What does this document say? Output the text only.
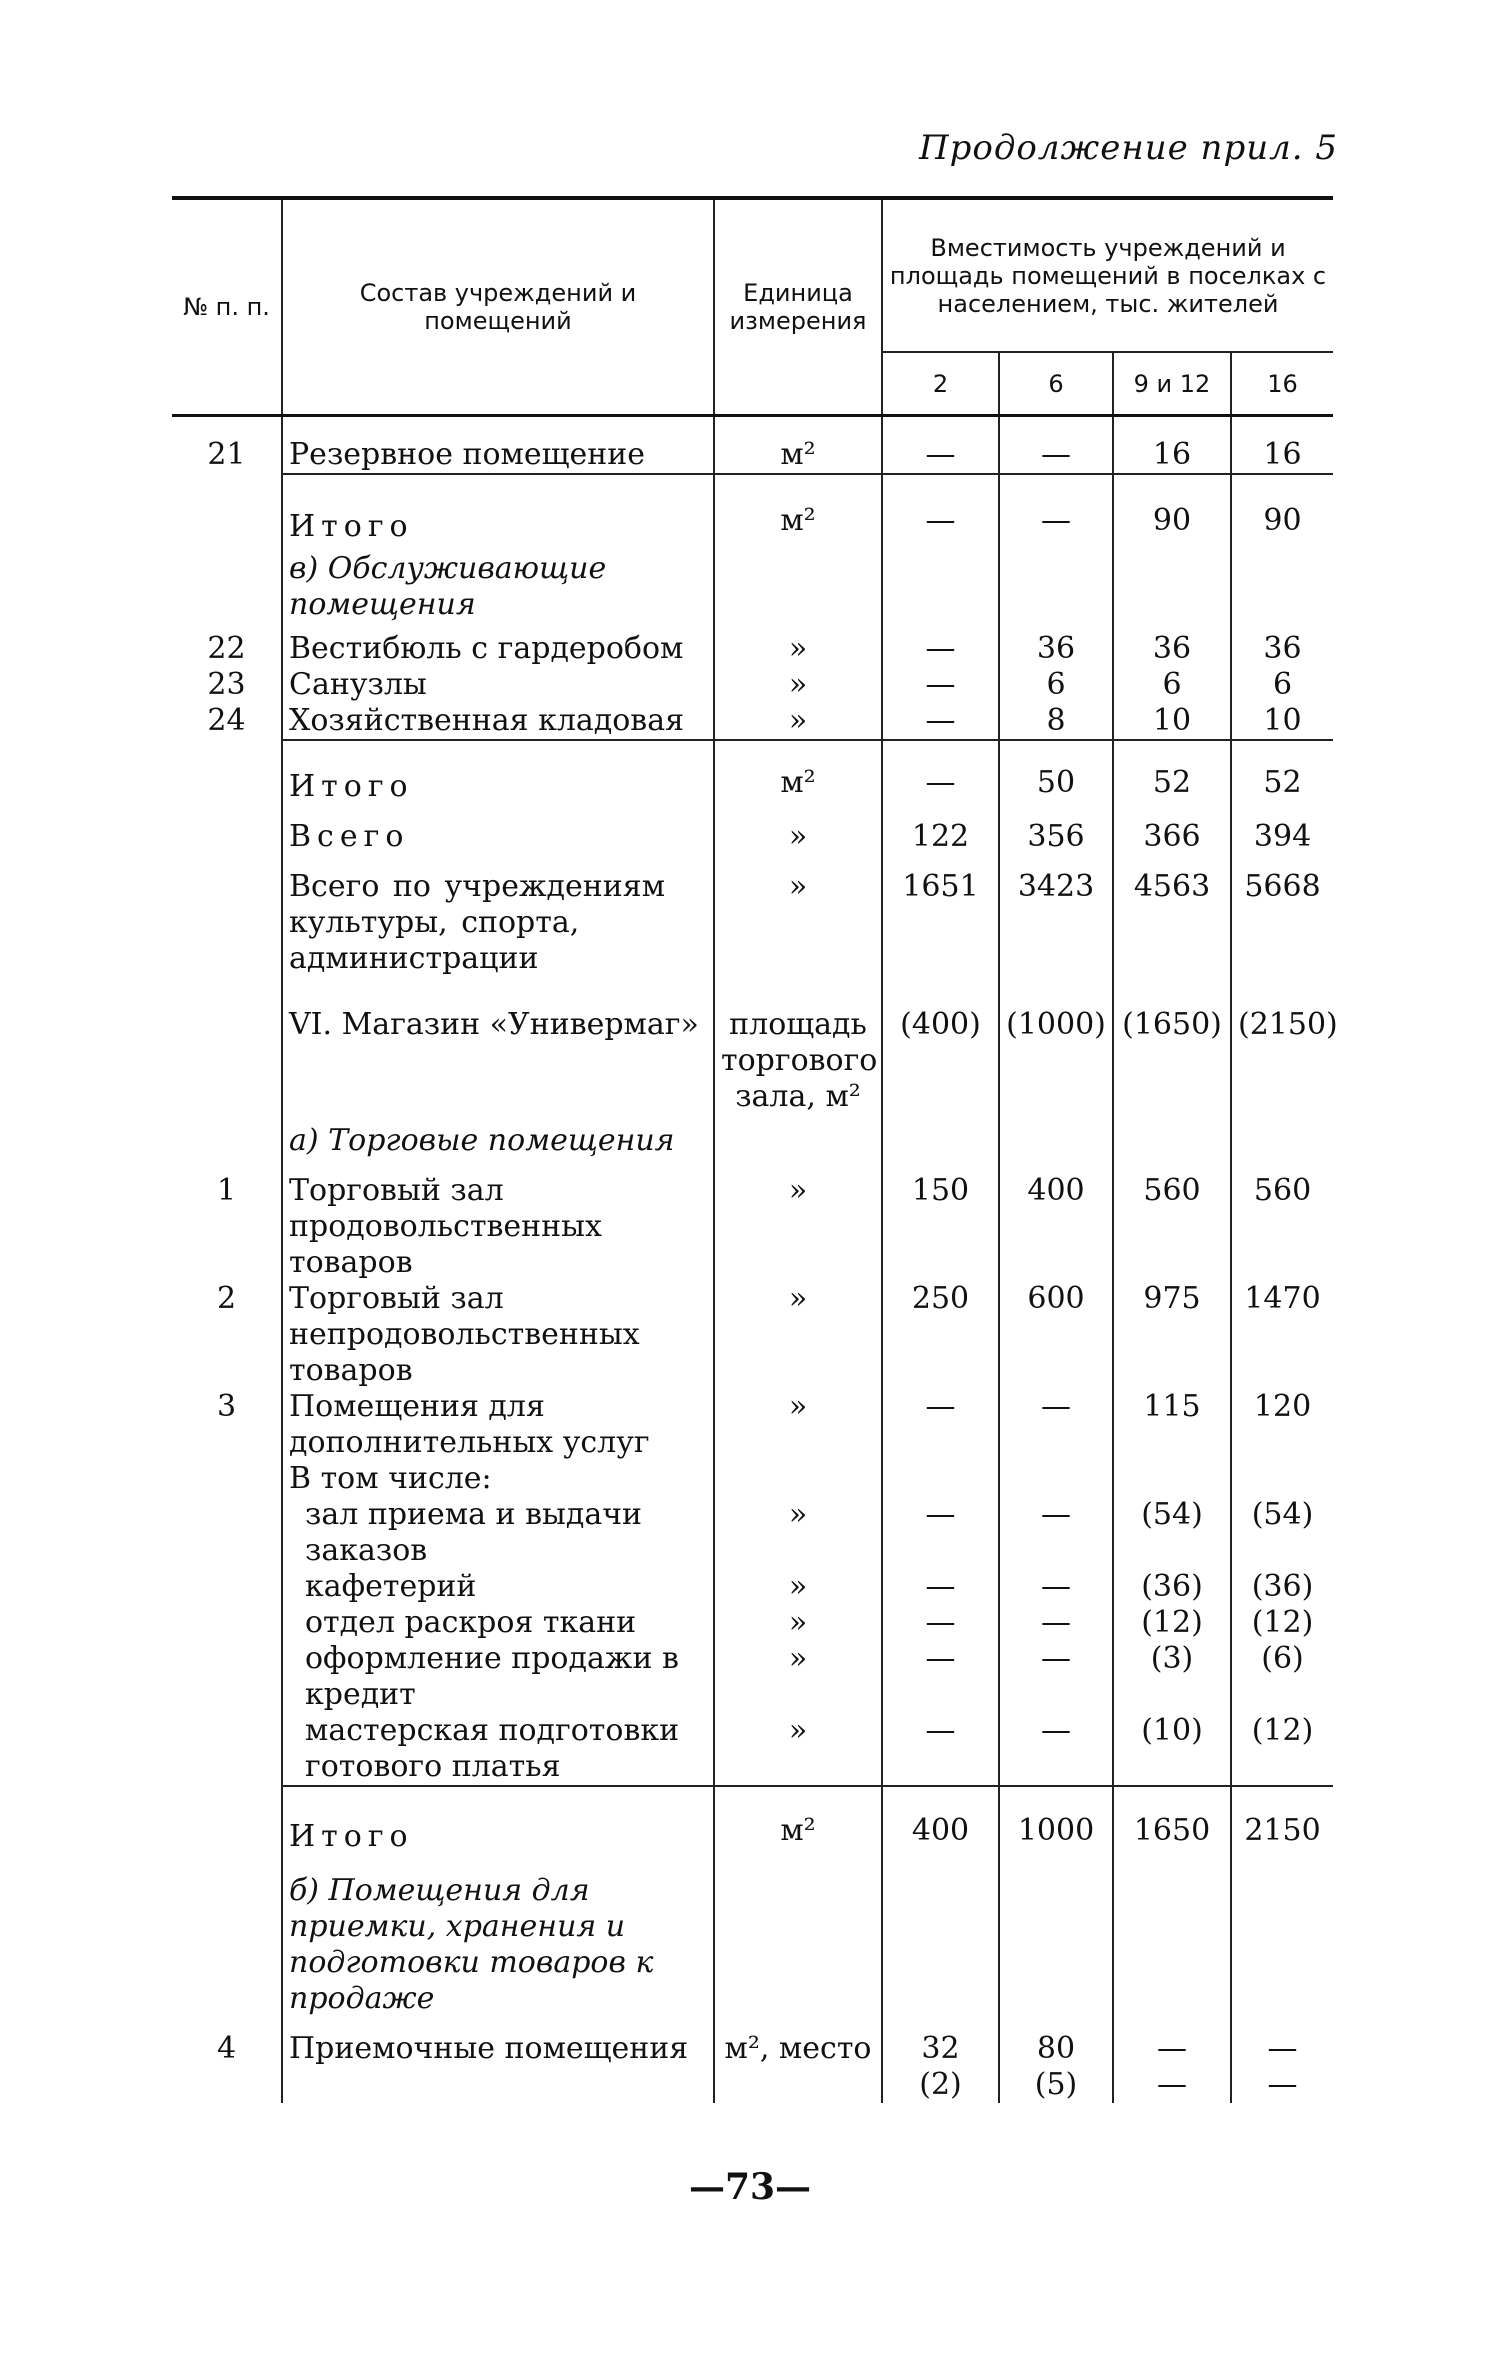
Продолжение прил. 5
№ п. п.	Состав учреждений и помещений	Единица измерения	Вместимость учреждений и площадь помещений в поселках с населением, тыс. жителей			
			2	6	9 и 12	16

21	Резервное помещение	м²	—	—	16	16

	Итого	м²	—	—	90	90
	в) Обслуживающие помещения					
22	Вестибюль с гардеробом	»	—	36	36	36
23	Санузлы	»	—	6	6	6
24	Хозяйственная кладовая	»	—	8	10	10

	Итого	м²	—	50	52	52
	Всего	»	122	356	366	394
	Всего по учреждениям культуры, спорта, администрации	»	1651	3423	4563	5668
	VI. Магазин «Универмаг»	площадь торгового зала, м²	(400)	(1000)	(1650)	(2150)
	а) Торговые помещения					
1	Торговый зал продовольственных товаров	»	150	400	560	560
2	Торговый зал непродовольственных товаров	»	250	600	975	1470
3	Помещения для дополнительных услуг	»	—	—	115	120
	В том числе:					
	зал приема и выдачи заказов	»	—	—	(54)	(54)
	кафетерий	»	—	—	(36)	(36)
	отдел раскроя ткани	»	—	—	(12)	(12)
	оформление продажи в кредит	»	—	—	(3)	(6)
	мастерская подготовки готового платья	»	—	—	(10)	(12)

	Итого	м²	400	1000	1650	2150
	б) Помещения для приемки, хранения и подготовки товаров к продаже					
4	Приемочные помещения	м², место	32 (2)	80 (5)	— —	— —
—73—
